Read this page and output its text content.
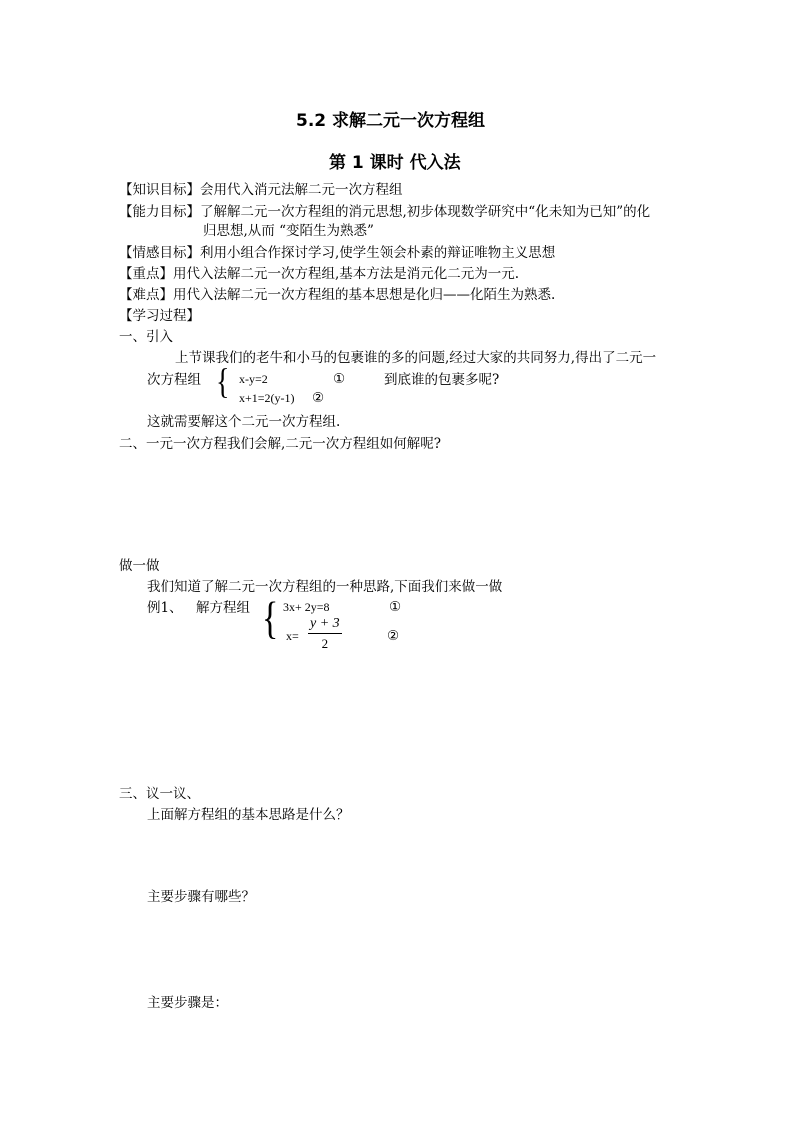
5.2 求解二元一次方程组
第 1 课时 代入法
【知识目标】会用代入消元法解二元一次方程组
【能力目标】了解解二元一次方程组的消元思想,初步体现数学研究中“化未知为已知”的化
归思想,从而 “变陌生为熟悉”
【情感目标】利用小组合作探讨学习,使学生领会朴素的辩证唯物主义思想
【重点】用代入法解二元一次方程组,基本方法是消元化二元为一元.
【难点】用代入法解二元一次方程组的基本思想是化归——化陌生为熟悉.
【学习过程】
一、引入
上节课我们的老牛和小马的包裹谁的多的问题,经过大家的共同努力,得出了二元一
次方程组 { x-y=2	①	到底谁的包裹多呢?
x+1=2(y-1) ②
这就需要解这个二元一次方程组.
二、一元一次方程我们会解,二元一次方程组如何解呢?
做一做
我们知道了解二元一次方程组的一种思路,下面我们来做一做
例1、 解方程组 { 3x+ 2y=8	①
$x= \frac{y + 3}{2}$	②
三、议一议、
上面解方程组的基本思路是什么？
主要步骤有哪些？
主要步骤是：
